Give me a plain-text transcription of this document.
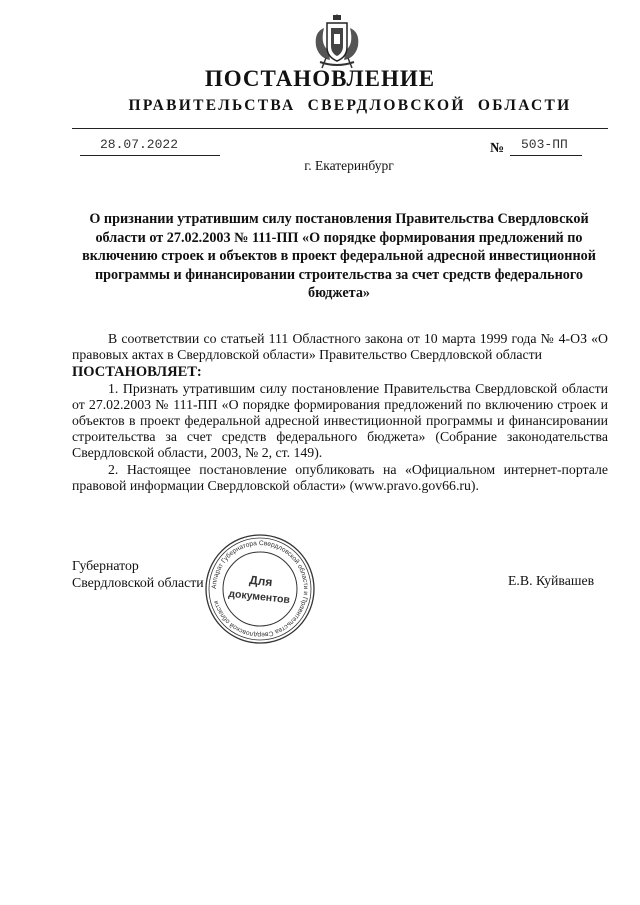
ПОСТАНОВЛЕНИЕ
ПРАВИТЕЛЬСТВА СВЕРДЛОВСКОЙ ОБЛАСТИ
28.07.2022	№	503-ПП
г. Екатеринбург
О признании утратившим силу постановления Правительства Свердловской области от 27.02.2003 № 111-ПП «О порядке формирования предложений по включению строек и объектов в проект федеральной адресной инвестиционной программы и финансировании строительства за счет средств федерального бюджета»

В соответствии со статьей 111 Областного закона от 10 марта 1999 года № 4-ОЗ «О правовых актах в Свердловской области» Правительство Свердловской области

ПОСТАНОВЛЯЕТ:

1. Признать утратившим силу постановление Правительства Свердловской области от 27.02.2003 № 111-ПП «О порядке формирования предложений по включению строек и объектов в проект федеральной адресной инвестиционной программы и финансировании строительства за счет средств федерального бюджета» (Собрание законодательства Свердловской области, 2003, № 2, ст. 149).

2. Настоящее постановление опубликовать на «Официальном интернет-портале правовой информации Свердловской области» (www.pravo.gov66.ru).

Губернатор
Свердловской области	Е.В. Куйвашев
Аппарат Губернатора Свердловской области и Правительства Свердловской области
Для
документов
